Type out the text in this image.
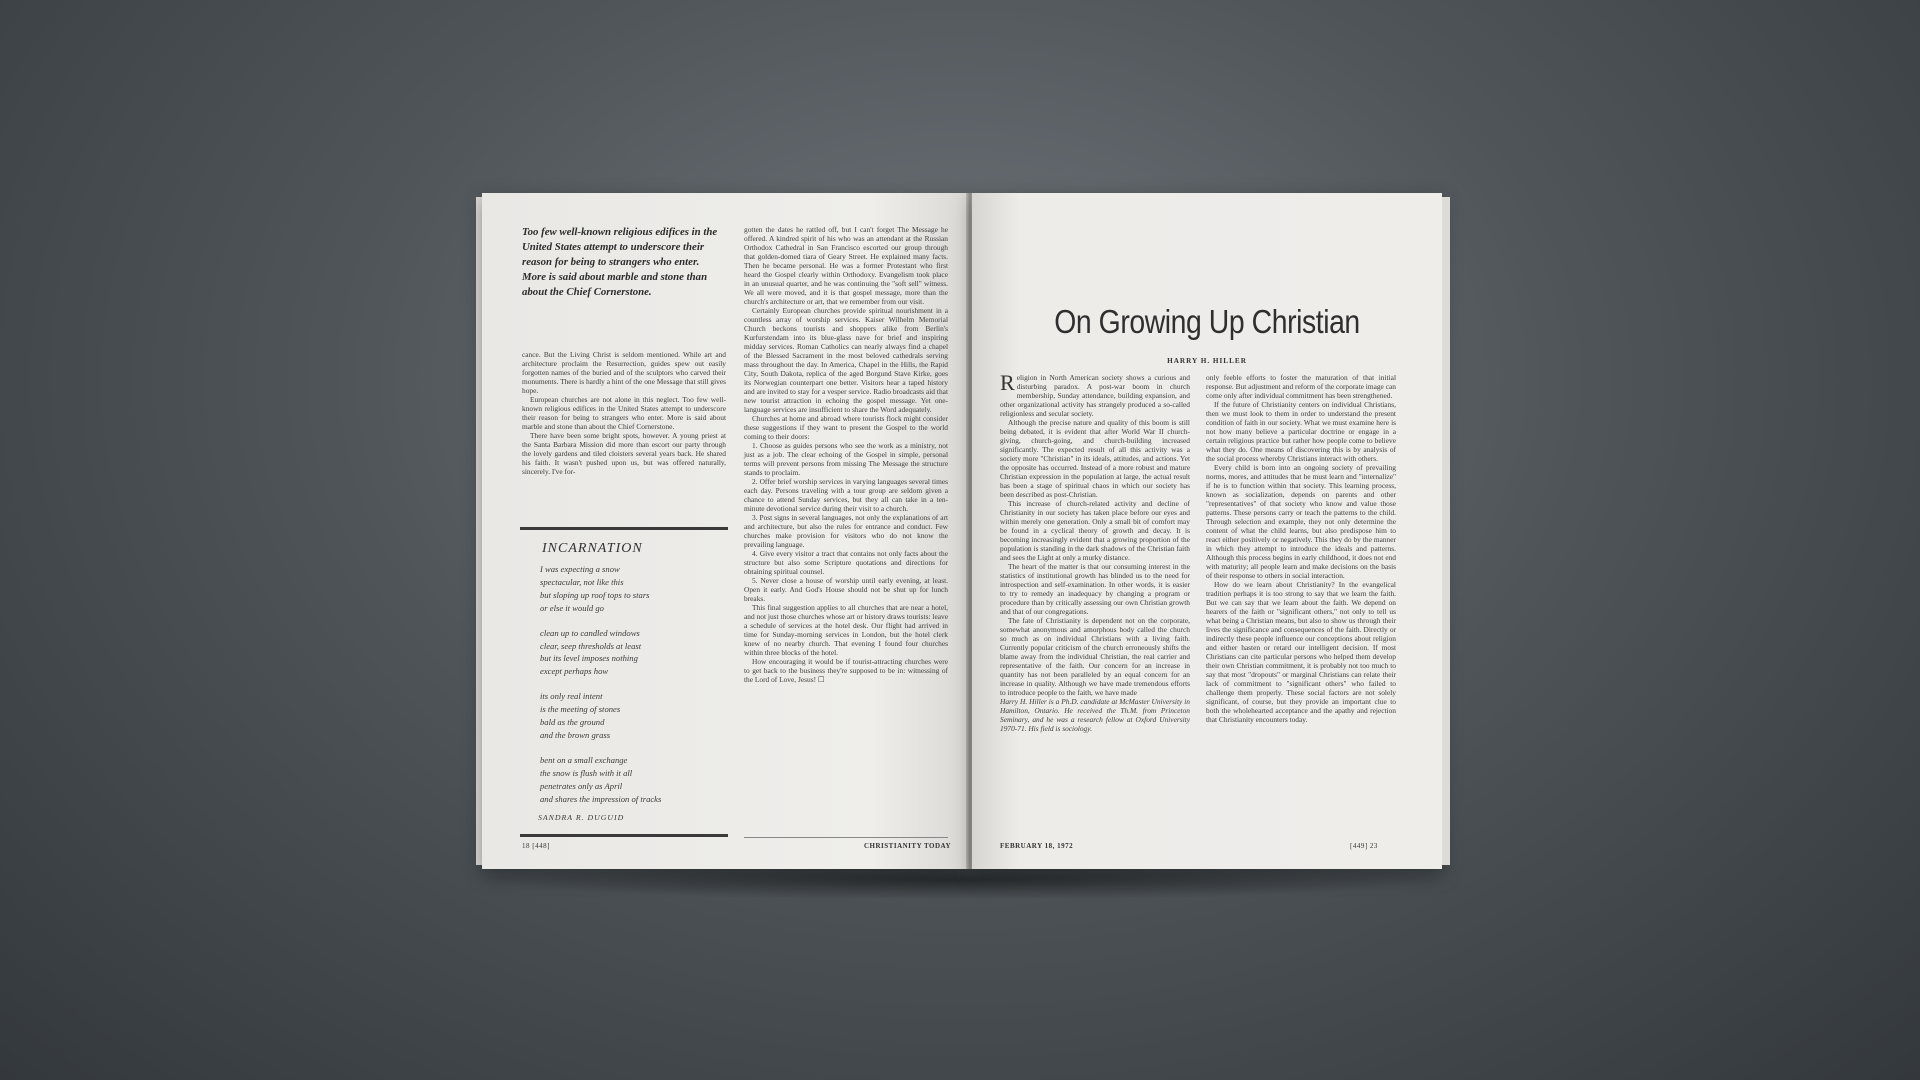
Too few well-known religious edifices in the United States attempt to underscore their reason for being to strangers who enter. More is said about marble and stone than about the Chief Cornerstone.

cance. But the Living Christ is seldom mentioned. While art and architecture proclaim the Resurrection, guides spew out easily forgotten names of the buried and of the sculptors who carved their monuments. There is hardly a hint of the one Message that still gives hope.

European churches are not alone in this neglect. Too few well-known religious edifices in the United States attempt to underscore their reason for being to strangers who enter. More is said about marble and stone than about the Chief Cornerstone.

There have been some bright spots, however. A young priest at the Santa Barbara Mission did more than escort our party through the lovely gardens and tiled cloisters several years back. He shared his faith. It wasn't pushed upon us, but was offered naturally, sincerely. I've for-

INCARNATION
I was expecting a snow
spectacular, not like this
but sloping up roof tops to stars
or else it would go
clean up to candled windows
clear, seep thresholds at least
but its level imposes nothing
except perhaps how
its only real intent
is the meeting of stones
bald as the ground
and the brown grass
bent on a small exchange
the snow is flush with it all
penetrates only as April
and shares the impression of tracks
SANDRA R. DUGUID

gotten the dates he rattled off, but I can't forget The Message he offered. A kindred spirit of his who was an attendant at the Russian Orthodox Cathedral in San Francisco escorted our group through that golden-domed tiara of Geary Street. He explained many facts. Then he became personal. He was a former Protestant who first heard the Gospel clearly within Orthodoxy. Evangelism took place in an unusual quarter, and he was continuing the "soft sell" witness. We all were moved, and it is that gospel message, more than the church's architecture or art, that we remember from our visit.

Certainly European churches provide spiritual nourishment in a countless array of worship services. Kaiser Wilhelm Memorial Church beckons tourists and shoppers alike from Berlin's Kurfurstendam into its blue-glass nave for brief and inspiring midday services. Roman Catholics can nearly always find a chapel of the Blessed Sacrament in the most beloved cathedrals serving mass throughout the day. In America, Chapel in the Hills, the Rapid City, South Dakota, replica of the aged Borgund Stave Kirke, goes its Norwegian counterpart one better. Visitors hear a taped history and are invited to stay for a vesper service. Radio broadcasts aid that new tourist attraction in echoing the gospel message. Yet one-language services are insufficient to share the Word adequately.

Churches at home and abroad where tourists flock might consider these suggestions if they want to present the Gospel to the world coming to their doors:

1. Choose as guides persons who see the work as a ministry, not just as a job. The clear echoing of the Gospel in simple, personal terms will prevent persons from missing The Message the structure stands to proclaim.

2. Offer brief worship services in varying languages several times each day. Persons traveling with a tour group are seldom given a chance to attend Sunday services, but they all can take in a ten-minute devotional service during their visit to a church.

3. Post signs in several languages, not only the explanations of art and architecture, but also the rules for entrance and conduct. Few churches make provision for visitors who do not know the prevailing language.

4. Give every visitor a tract that contains not only facts about the structure but also some Scripture quotations and directions for obtaining spiritual counsel.

5. Never close a house of worship until early evening, at least. Open it early. And God's House should not be shut up for lunch breaks.

This final suggestion applies to all churches that are near a hotel, and not just those churches whose art or history draws tourists: leave a schedule of services at the hotel desk. Our flight had arrived in time for Sunday-morning services in London, but the hotel clerk knew of no nearby church. That evening I found four churches within three blocks of the hotel.

How encouraging it would be if tourist-attracting churches were to get back to the business they're supposed to be in: witnessing of the Lord of Love, Jesus! ☐

18 [448]	CHRISTIANITY TODAY
On Growing Up Christian
HARRY H. HILLER
R eligion in North American society shows a curious and disturbing paradox. A post-war boom in church membership, Sunday attendance, building expansion, and other organizational activity has strangely produced a so-called religionless and secular society.

Although the precise nature and quality of this boom is still being debated, it is evident that after World War II church-giving, church-going, and church-building increased significantly. The expected result of all this activity was a society more "Christian" in its ideals, attitudes, and actions. Yet the opposite has occurred. Instead of a more robust and mature Christian expression in the population at large, the actual result has been a stage of spiritual chaos in which our society has been described as post-Christian.

This increase of church-related activity and decline of Christianity in our society has taken place before our eyes and within merely one generation. Only a small bit of comfort may be found in a cyclical theory of growth and decay. It is becoming increasingly evident that a growing proportion of the population is standing in the dark shadows of the Christian faith and sees the Light at only a murky distance.

The heart of the matter is that our consuming interest in the statistics of institutional growth has blinded us to the need for introspection and self-examination. In other words, it is easier to try to remedy an inadequacy by changing a program or procedure than by critically assessing our own Christian growth and that of our congregations.

The fate of Christianity is dependent not on the corporate, somewhat anonymous and amorphous body called the church so much as on individual Christians with a living faith. Currently popular criticism of the church erroneously shifts the blame away from the individual Christian, the real carrier and representative of the faith. Our concern for an increase in quantity has not been paralleled by an equal concern for an increase in quality. Although we have made tremendous efforts to introduce people to the faith, we have made

Harry H. Hiller is a Ph.D. candidate at McMaster University in Hamilton, Ontario. He received the Th.M. from Princeton Seminary, and he was a research fellow at Oxford University 1970-71. His field is sociology.

only feeble efforts to foster the maturation of that initial response. But adjustment and reform of the corporate image can come only after individual commitment has been strengthened.

If the future of Christianity centers on individual Christians, then we must look to them in order to understand the present condition of faith in our society. What we must examine here is not how many believe a particular doctrine or engage in a certain religious practice but rather how people come to believe what they do. One means of discovering this is by analysis of the social process whereby Christians interact with others.

Every child is born into an ongoing society of prevailing norms, mores, and attitudes that he must learn and "internalize" if he is to function within that society. This learning process, known as socialization, depends on parents and other "representatives" of that society who know and value those patterns. These persons carry or teach the patterns to the child. Through selection and example, they not only determine the content of what the child learns, but also predispose him to react either positively or negatively. This they do by the manner in which they attempt to introduce the ideals and patterns. Although this process begins in early childhood, it does not end with maturity; all people learn and make decisions on the basis of their response to others in social interaction.

How do we learn about Christianity? In the evangelical tradition perhaps it is too strong to say that we learn the faith. But we can say that we learn about the faith. We depend on hearers of the faith or "significant others," not only to tell us what being a Christian means, but also to show us through their lives the significance and consequences of the faith. Directly or indirectly these people influence our conceptions about religion and either hasten or retard our intelligent decision. If most Christians can cite particular persons who helped them develop their own Christian commitment, it is probably not too much to say that most "dropouts" or marginal Christians can relate their lack of commitment to "significant others" who failed to challenge them properly. These social factors are not solely significant, of course, but they provide an important clue to both the wholehearted acceptance and the apathy and rejection that Christianity encounters today.

FEBRUARY 18, 1972	[449] 23
